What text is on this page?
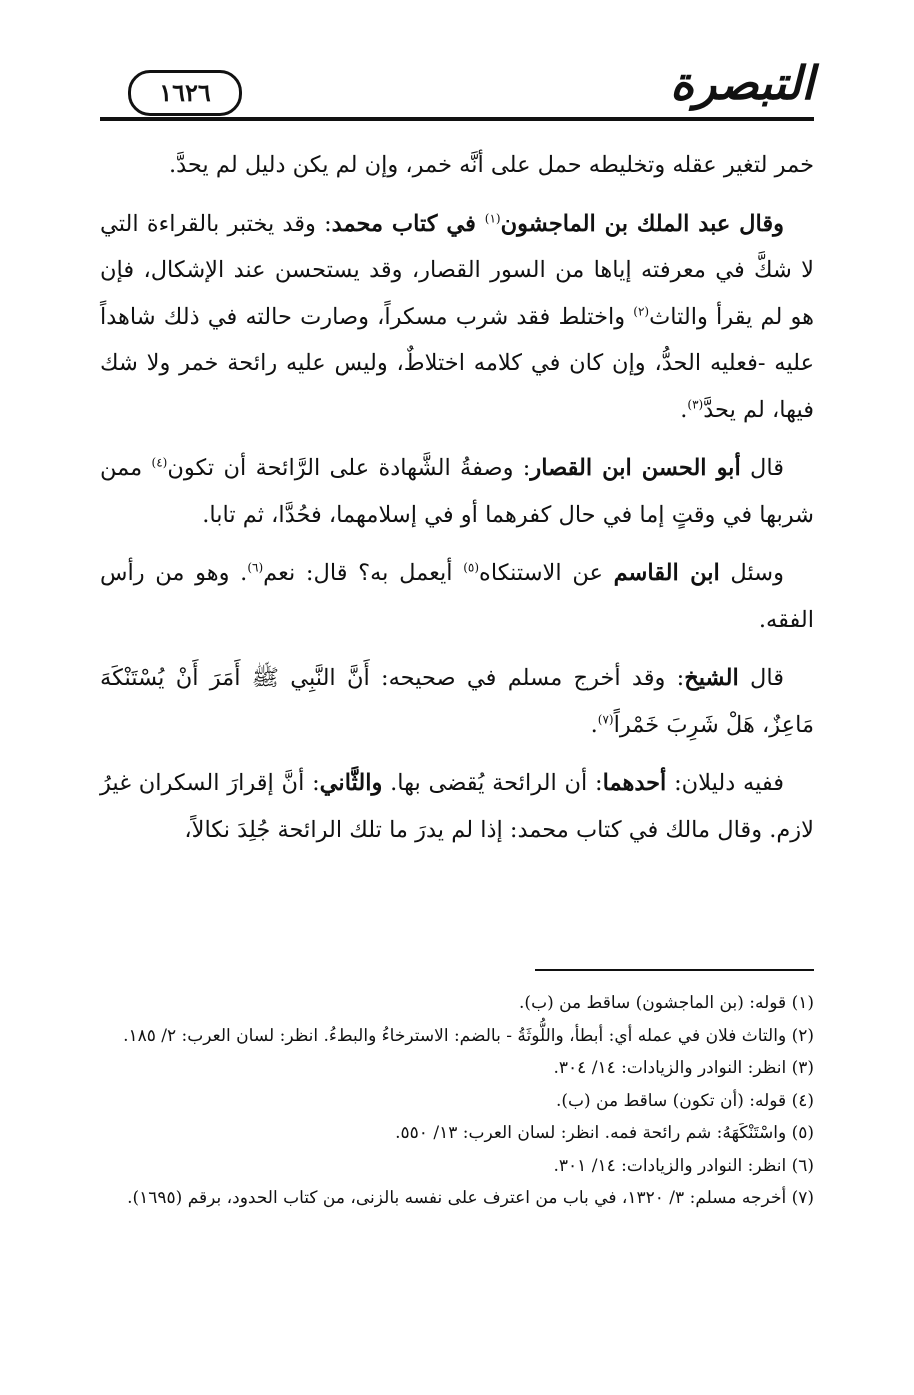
التبصرة
١٦٢٦

خمر لتغير عقله وتخليطه حمل على أنَّه خمر، وإن لم يكن دليل لم يحدَّ.

وقال عبد الملك بن الماجشون$^{(١)}$ في كتاب محمد: وقد يختبر بالقراءة التي لا شكَّ في معرفته إياها من السور القصار، وقد يستحسن عند الإشكال، فإن هو لم يقرأ والتاث$^{(٢)}$ واختلط فقد شرب مسكراً، وصارت حالته في ذلك شاهداً عليه -فعليه الحدُّ، وإن كان في كلامه اختلاطٌ، وليس عليه رائحة خمر ولا شك فيها، لم يحدَّ$^{(٣)}$.

قال أبو الحسن ابن القصار: وصفةُ الشَّهادة على الرَّائحة أن تكون$^{(٤)}$ ممن شربها في وقتٍ إما في حال كفرهما أو في إسلامهما، فحُدَّا، ثم تابا.

وسئل ابن القاسم عن الاستنكاه$^{(٥)}$ أيعمل به؟ قال: نعم$^{(٦)}$. وهو من رأس الفقه.

قال الشيخ: وقد أخرج مسلم في صحيحه: أَنَّ النَّبِي ﷺ أَمَرَ أَنْ يُسْتَنْكَهَ مَاعِزٌ، هَلْ شَرِبَ خَمْراً$^{(٧)}$.

ففيه دليلان: أحدهما: أن الرائحة يُقضى بها. والثَّاني: أنَّ إقرارَ السكران غيرُ لازم. وقال مالك في كتاب محمد: إذا لم يدرَ ما تلك الرائحة جُلِدَ نكالاً،

(١) قوله: (بن الماجشون) ساقط من (ب).
(٢) والتاث فلان في عمله أي: أبطأ، واللُّوثَةُ - بالضم: الاسترخاءُ والبطءُ. انظر: لسان العرب: ٢/ ١٨٥.
(٣) انظر: النوادر والزيادات: ١٤/ ٣٠٤.
(٤) قوله: (أن تكون) ساقط من (ب).
(٥) واسْتَنْكَهَهُ: شم رائحة فمه. انظر: لسان العرب: ١٣/ ٥٥٠.
(٦) انظر: النوادر والزيادات: ١٤/ ٣٠١.
(٧) أخرجه مسلم: ٣/ ١٣٢٠، في باب من اعترف على نفسه بالزنى، من كتاب الحدود، برقم (١٦٩٥).
